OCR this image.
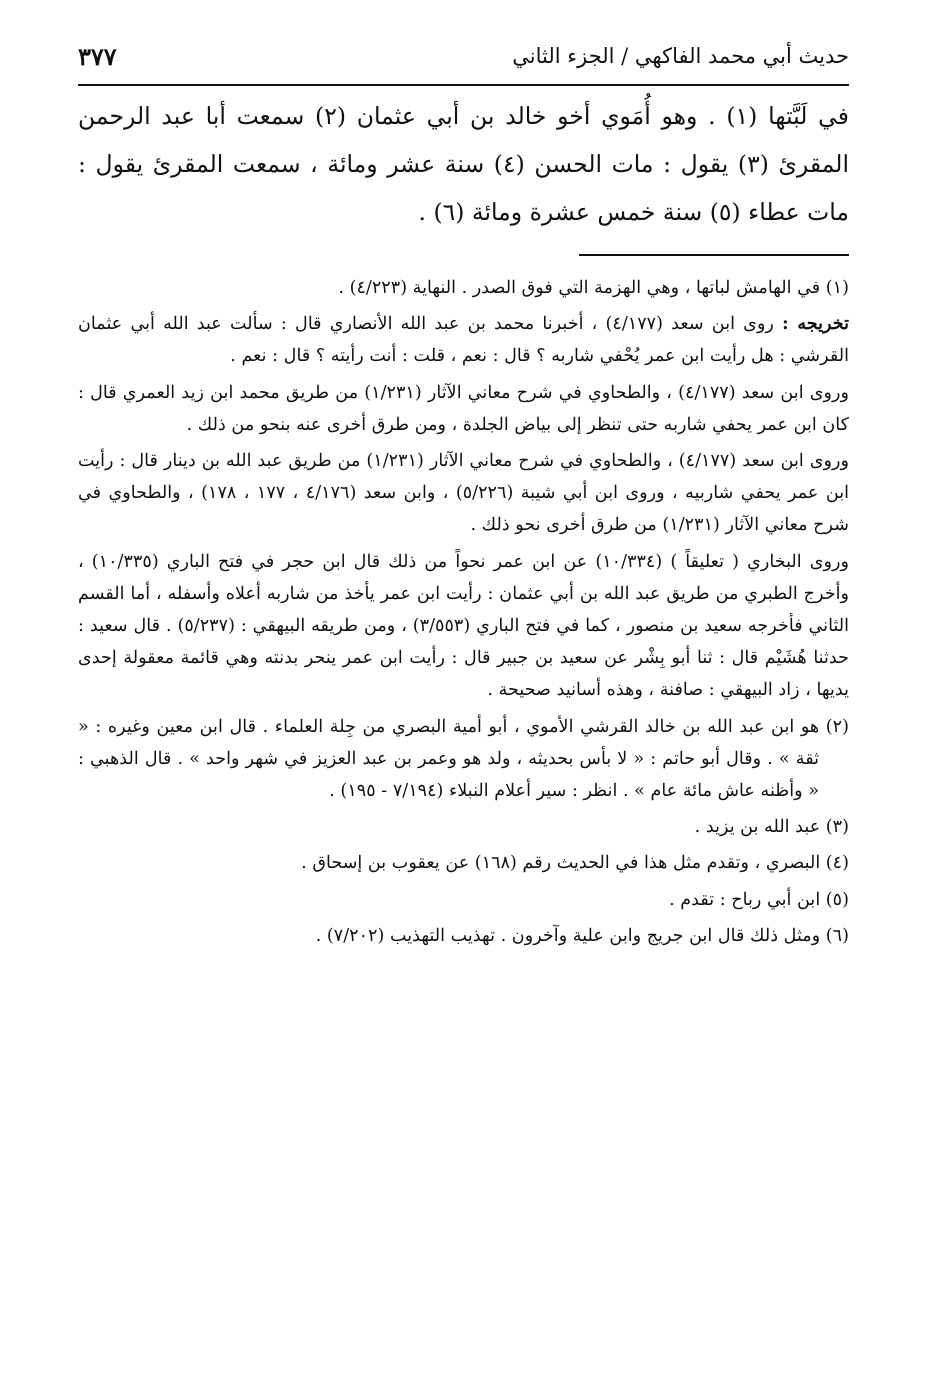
حديث أبي محمد الفاكهي / الجزء الثاني
٣٧٧
في لَبَّتها (١) . وهو أُمَوي أخو خالد بن أبي عثمان (٢) سمعت أبا عبد الرحمن المقرئ (٣) يقول : مات الحسن (٤) سنة عشر ومائة ، سمعت المقرئ يقول : مات عطاء (٥) سنة خمس عشرة ومائة (٦) .

(١) في الهامش لباتها ، وهي الهزمة التي فوق الصدر . النهاية (٤/٢٢٣) .

تخريجه : روى ابن سعد (٤/١٧٧) ، أخبرنا محمد بن عبد الله الأنصاري قال : سألت عبد الله أبي عثمان القرشي : هل رأيت ابن عمر يُحْفي شاربه ؟ قال : نعم ، قلت : أنت رأيته ؟ قال : نعم .

وروى ابن سعد (٤/١٧٧) ، والطحاوي في شرح معاني الآثار (١/٢٣١) من طريق محمد ابن زيد العمري قال : كان ابن عمر يحفي شاربه حتى تنظر إلى بياض الجلدة ، ومن طرق أخرى عنه بنحو من ذلك .

وروى ابن سعد (٤/١٧٧) ، والطحاوي في شرح معاني الآثار (١/٢٣١) من طريق عبد الله بن دينار قال : رأيت ابن عمر يحفي شاربيه ، وروى ابن أبي شيبة (٥/٢٢٦) ، وابن سعد (٤/١٧٦ ، ١٧٧ ، ١٧٨) ، والطحاوي في شرح معاني الآثار (١/٢٣١) من طرق أخرى نحو ذلك .

وروى البخاري ( تعليقاً ) (١٠/٣٣٤) عن ابن عمر نحواً من ذلك قال ابن حجر في فتح الباري (١٠/٣٣٥) ، وأخرج الطبري من طريق عبد الله بن أبي عثمان : رأيت ابن عمر يأخذ من شاربه أعلاه وأسفله ، أما القسم الثاني فأخرجه سعيد بن منصور ، كما في فتح الباري (٣/٥٥٣) ، ومن طريقه البيهقي : (٥/٢٣٧) . قال سعيد : حدثنا هُشَيْم قال : ثنا أبو بِشْر عن سعيد بن جبير قال : رأيت ابن عمر ينحر بدنته وهي قائمة معقولة إحدى يديها ، زاد البيهقي : صافنة ، وهذه أسانيد صحيحة .

(٢) هو ابن عبد الله بن خالد القرشي الأموي ، أبو أمية البصري من جِلة العلماء . قال ابن معين وغيره : « ثقة » . وقال أبو حاتم : « لا بأس بحديثه ، ولد هو وعمر بن عبد العزيز في شهر واحد » . قال الذهبي : « وأظنه عاش مائة عام » . انظر : سير أعلام النبلاء (٧/١٩٤ - ١٩٥) .

(٣) عبد الله بن يزيد .

(٤) البصري ، وتقدم مثل هذا في الحديث رقم (١٦٨) عن يعقوب بن إسحاق .

(٥) ابن أبي رباح : تقدم .

(٦) ومثل ذلك قال ابن جريج وابن علية وآخرون . تهذيب التهذيب (٧/٢٠٢) .
